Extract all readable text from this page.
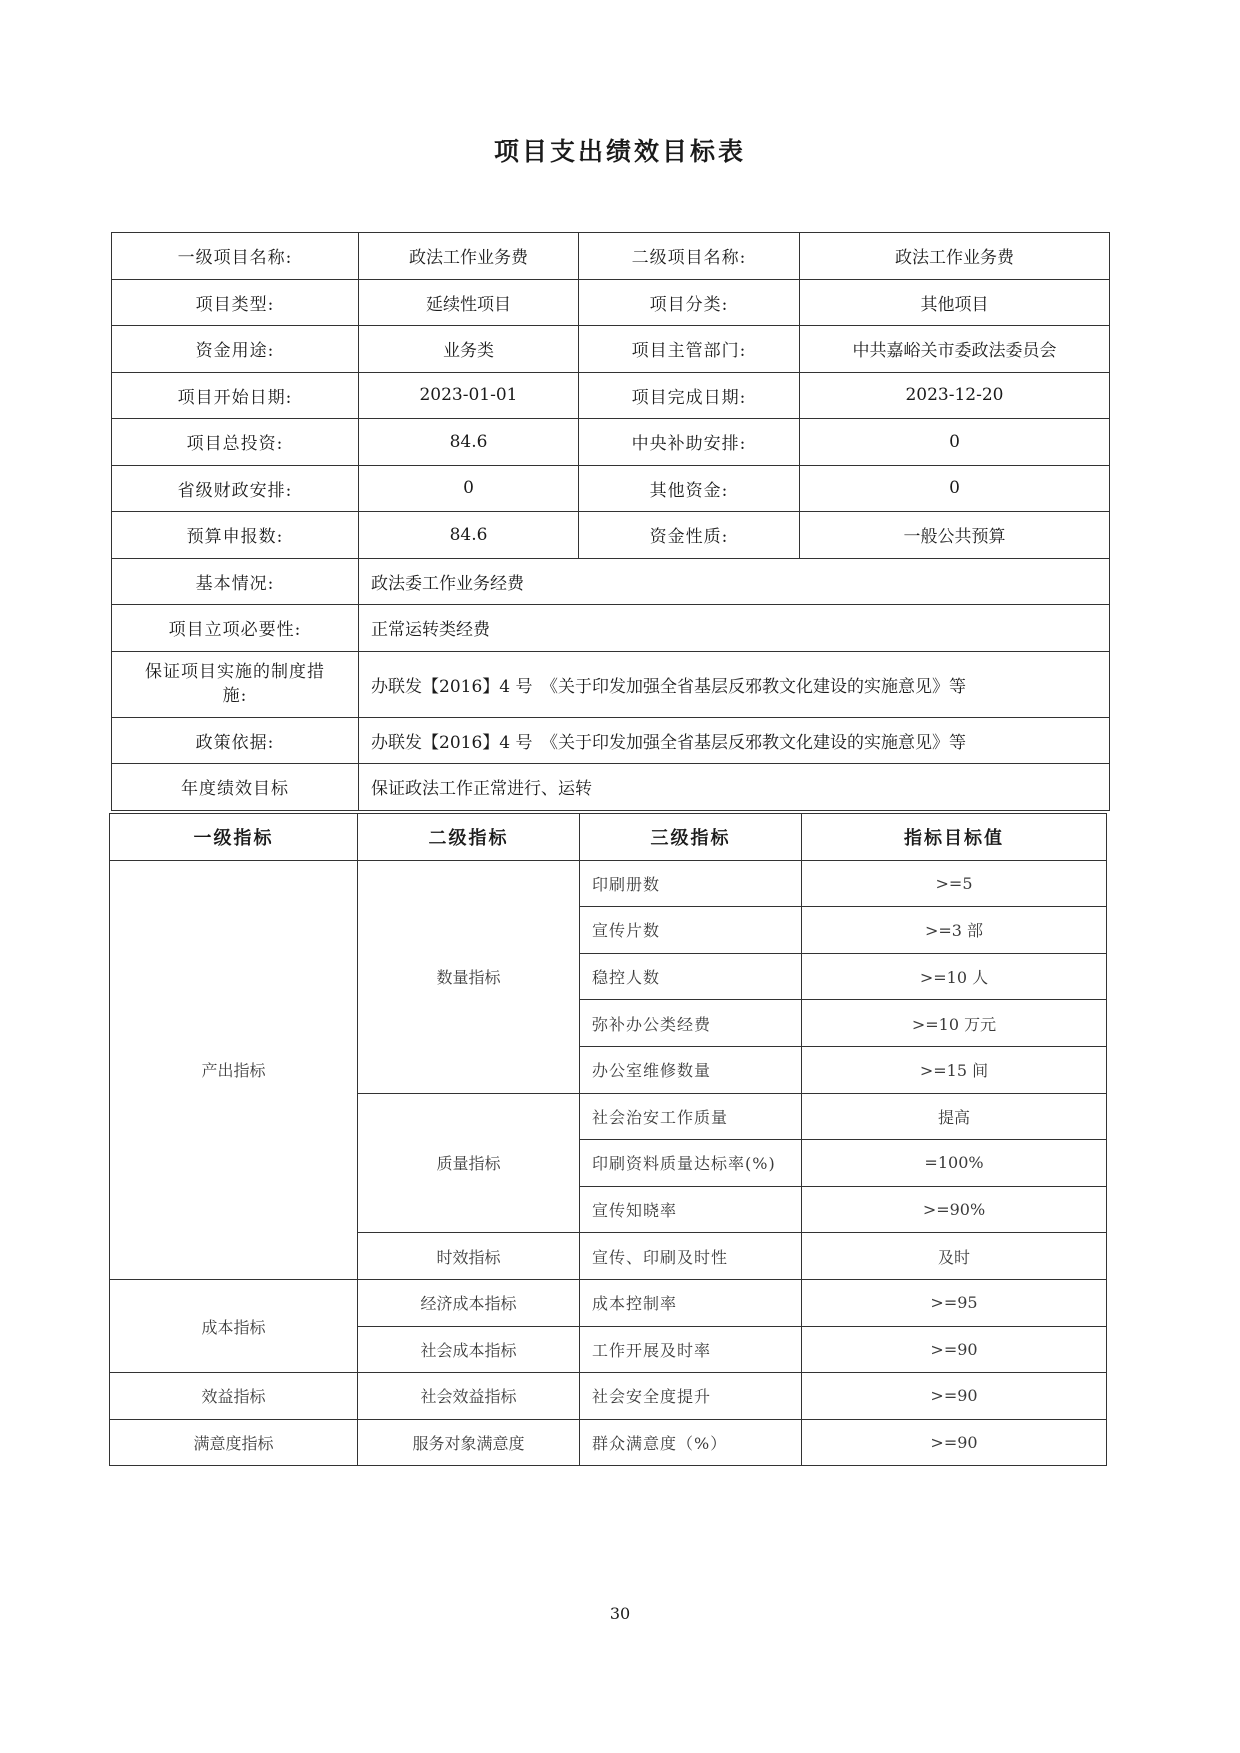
项目支出绩效目标表
一级项目名称:	政法工作业务费	二级项目名称:	政法工作业务费
项目类型:	延续性项目	项目分类:	其他项目
资金用途:	业务类	项目主管部门:	中共嘉峪关市委政法委员会
项目开始日期:	2023-01-01	项目完成日期:	2023-12-20
项目总投资:	84.6	中央补助安排:	0
省级财政安排:	0	其他资金:	0
预算申报数:	84.6	资金性质:	一般公共预算
基本情况:	政法委工作业务经费		
项目立项必要性:	正常运转类经费		
保证项目实施的制度措施:	办联发【2016】4 号　《关于印发加强全省基层反邪教文化建设的实施意见》等		
政策依据:	办联发【2016】4 号　《关于印发加强全省基层反邪教文化建设的实施意见》等		
年度绩效目标	保证政法工作正常进行、运转		
一级指标	二级指标	三级指标	指标目标值
产出指标	数量指标	印刷册数	>=5
		宣传片数	>=3 部
		稳控人数	>=10 人
		弥补办公类经费	>=10 万元
		办公室维修数量	>=15 间
	质量指标	社会治安工作质量	提高
		印刷资料质量达标率(%)	=100%
		宣传知晓率	>=90%
	时效指标	宣传、印刷及时性	及时
成本指标	经济成本指标	成本控制率	>=95
	社会成本指标	工作开展及时率	>=90
效益指标	社会效益指标	社会安全度提升	>=90
满意度指标	服务对象满意度	群众满意度（%）	>=90
30
